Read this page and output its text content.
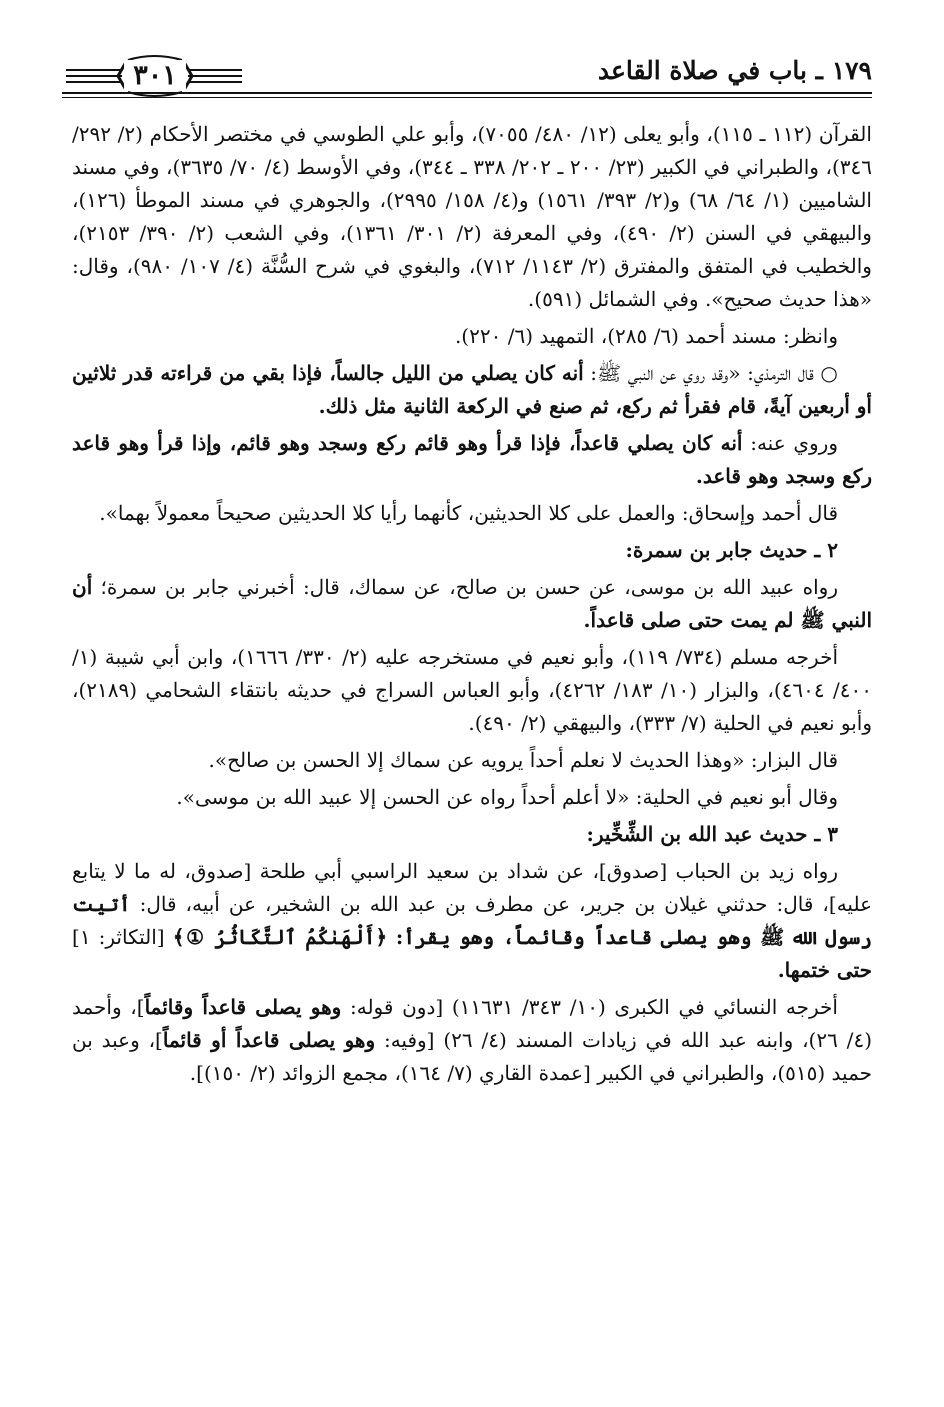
١٧٩ ـ باب في صلاة القاعد
٣٠١

القرآن (١١٢ ـ ١١٥)، وأبو يعلى (١٢/ ٤٨٠/ ٧٠٥٥)، وأبو علي الطوسي في مختصر الأحكام (٢/ ٢٩٢/ ٣٤٦)، والطبراني في الكبير (٢٣/ ٢٠٠ ـ ٢٠٢/ ٣٣٨ ـ ٣٤٤)، وفي الأوسط (٤/ ٧٠/ ٣٦٣٥)، وفي مسند الشاميين (١/ ٦٤/ ٦٨) و(٢/ ٣٩٣/ ١٥٦١) و(٤/ ١٥٨/ ٢٩٩٥)، والجوهري في مسند الموطأ (١٢٦)، والبيهقي في السنن (٢/ ٤٩٠)، وفي المعرفة (٢/ ٣٠١/ ١٣٦١)، وفي الشعب (٢/ ٣٩٠/ ٢١٥٣)، والخطيب في المتفق والمفترق (٢/ ١١٤٣/ ٧١٢)، والبغوي في شرح السُّنَّة (٤/ ١٠٧/ ٩٨٠)، وقال: «هذا حديث صحيح». وفي الشمائل (٥٩١).

وانظر: مسند أحمد (٦/ ٢٨٥)، التمهيد (٦/ ٢٢٠).

○ قال الترمذي: «وقد روي عن النبي ﷺ: أنه كان يصلي من الليل جالساً، فإذا بقي من قراءته قدر ثلاثين أو أربعين آيةً، قام فقرأ ثم ركع، ثم صنع في الركعة الثانية مثل ذلك.

وروي عنه: أنه كان يصلي قاعداً، فإذا قرأ وهو قائم ركع وسجد وهو قائم، وإذا قرأ وهو قاعد ركع وسجد وهو قاعد.

قال أحمد وإسحاق: والعمل على كلا الحديثين، كأنهما رأيا كلا الحديثين صحيحاً معمولاً بهما».

٢ ـ حديث جابر بن سمرة:

رواه عبيد الله بن موسى، عن حسن بن صالح، عن سماك، قال: أخبرني جابر بن سمرة؛ أن النبي ﷺ لم يمت حتى صلى قاعداً.

أخرجه مسلم (٧٣٤/ ١١٩)، وأبو نعيم في مستخرجه عليه (٢/ ٣٣٠/ ١٦٦٦)، وابن أبي شيبة (١/ ٤٠٠/ ٤٦٠٤)، والبزار (١٠/ ١٨٣/ ٤٢٦٢)، وأبو العباس السراج في حديثه بانتقاء الشحامي (٢١٨٩)، وأبو نعيم في الحلية (٧/ ٣٣٣)، والبيهقي (٢/ ٤٩٠).

قال البزار: «وهذا الحديث لا نعلم أحداً يرويه عن سماك إلا الحسن بن صالح».

وقال أبو نعيم في الحلية: «لا أعلم أحداً رواه عن الحسن إلا عبيد الله بن موسى».

٣ ـ حديث عبد الله بن الشِّخِّير:

رواه زيد بن الحباب [صدوق]، عن شداد بن سعيد الراسبي أبي طلحة [صدوق، له ما لا يتابع عليه]، قال: حدثني غيلان بن جرير، عن مطرف بن عبد الله بن الشخير، عن أبيه، قال: أتيت رسول الله ﷺ وهو يصلى قاعداً وقائماً، وهو يقرأ: ﴿أَلْهَىٰكُمُ ٱلتَّكَاثُرُ ①﴾ [التكاثر: ١] حتى ختمها.

أخرجه النسائي في الكبرى (١٠/ ٣٤٣/ ١١٦٣١) [دون قوله: وهو يصلى قاعداً وقائماً]، وأحمد (٤/ ٢٦)، وابنه عبد الله في زيادات المسند (٤/ ٢٦) [وفيه: وهو يصلى قاعداً أو قائماً]، وعبد بن حميد (٥١٥)، والطبراني في الكبير [عمدة القاري (٧/ ١٦٤)، مجمع الزوائد (٢/ ١٥٠)].
